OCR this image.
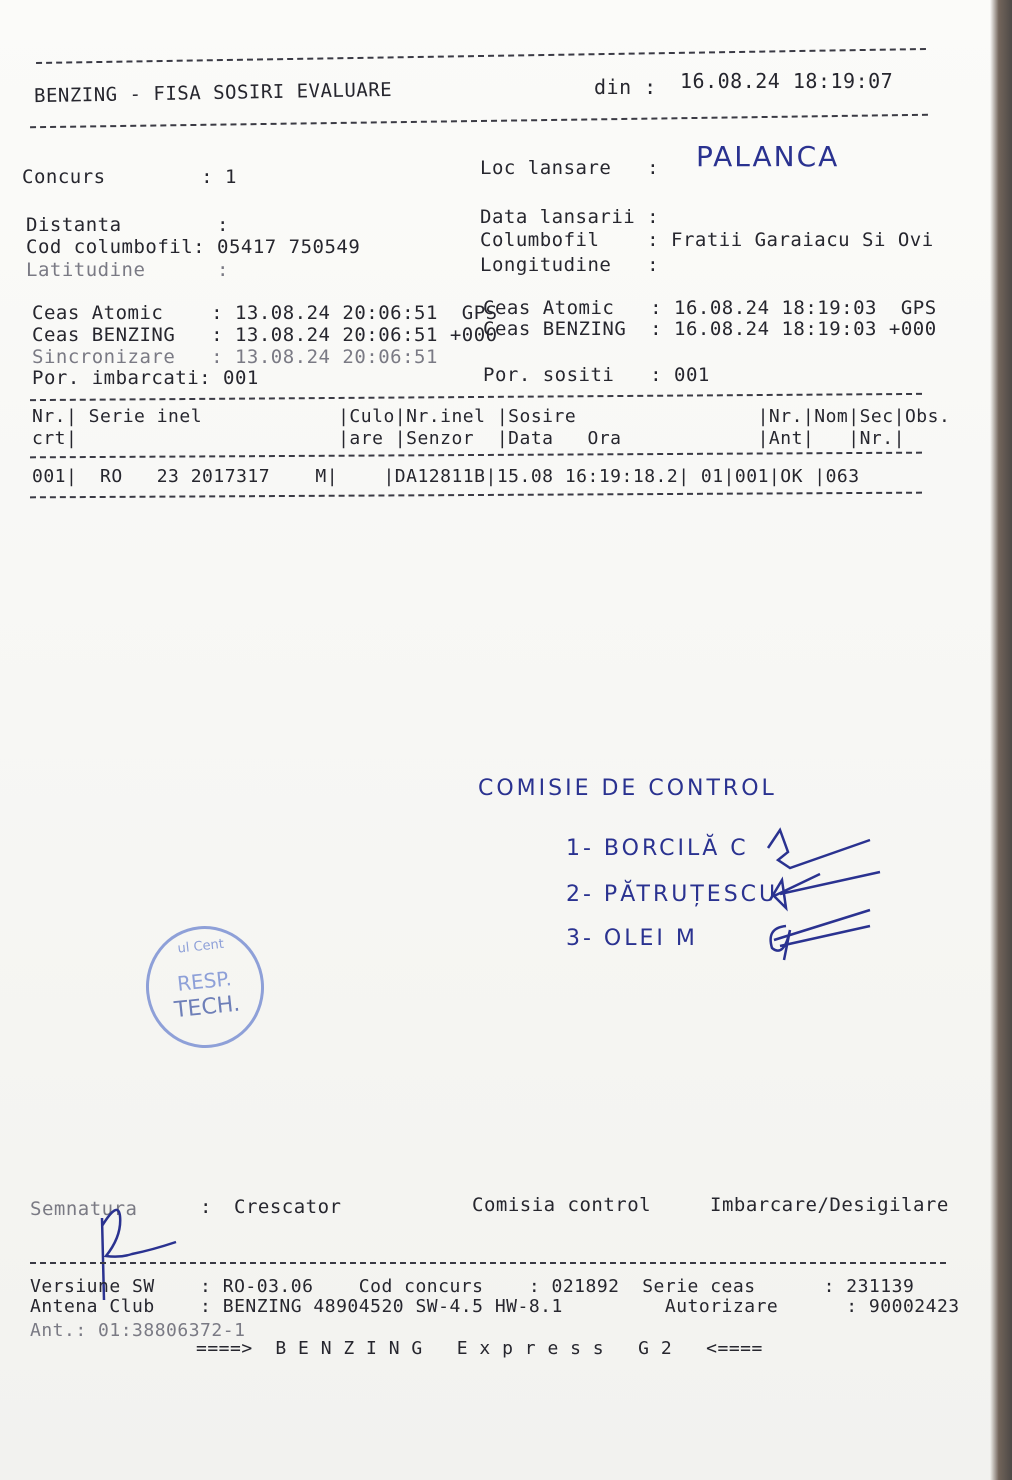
BENZING - FISA SOSIRI EVALUARE	din : 16.08.24 18:19:07
Concurs        : 1
Distanta        :
Cod columbofil: 05417 750549
Latitudine      :
Loc lansare   : PALANCA
Data lansarii :
Columbofil    : Fratii Garaiacu Si Ovi
Longitudine   :
Ceas Atomic    : 13.08.24 20:06:51  GPS
Ceas BENZING   : 13.08.24 20:06:51 +000
Sincronizare   : 13.08.24 20:06:51
Por. imbarcati: 001
Ceas Atomic   : 16.08.24 18:19:03  GPS
Ceas BENZING  : 16.08.24 18:19:03 +000
Por. sositi   : 001
Nr.| Serie inel            |Culo|Nr.inel |Sosire                |Nr.|Nom|Sec|Obs.
crt|                       |are |Senzor  |Data   Ora            |Ant|   |Nr.|
001|  RO   23 2017317    M|    |DA12811B|15.08 16:19:18.2| 01|001|OK |063
COMISIE DE CONTROL
1- BORCILĂ C
2- PĂTRUȚESCU
3- OLEI M
ul Cent
RESP.
TECH.
Semnatura	: Crescator	Comisia control	Imbarcare/Desigilare
Versiune SW    : RO-03.06    Cod concurs    : 021892  Serie ceas      : 231139
Antena Club    : BENZING 48904520 SW-4.5 HW-8.1         Autorizare      : 90002423
Ant.: 01:38806372-1
====>  B E N Z I N G   E x p r e s s   G 2   <====
